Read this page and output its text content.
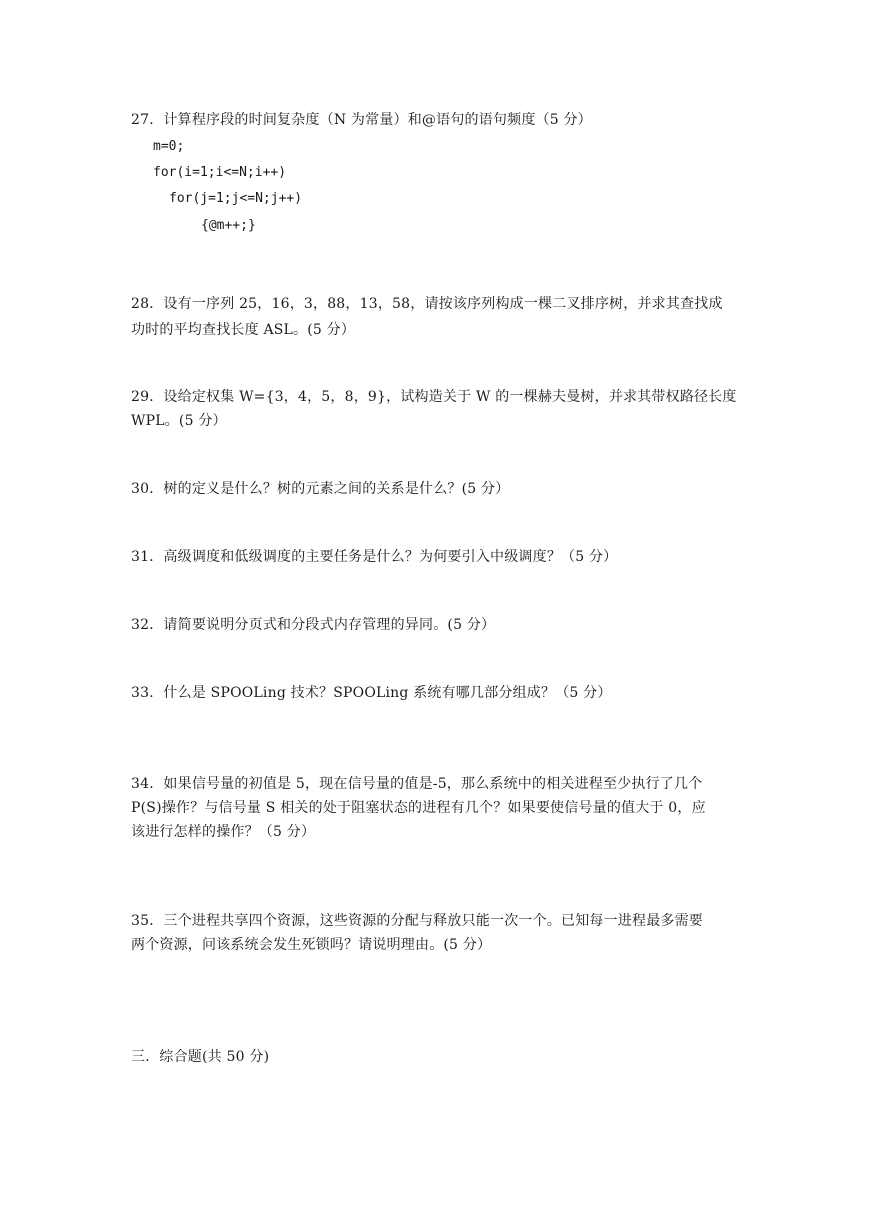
27．计算程序段的时间复杂度（N 为常量）和@语句的语句频度（5 分）
m=0;
for(i=1;i<=N;i++)
for(j=1;j<=N;j++)
{@m++;}
28．设有一序列 25，16，3，88，13，58，请按该序列构成一棵二叉排序树，并求其查找成
功时的平均查找长度 ASL。(5 分）
29．设给定权集 W={3，4，5，8，9}，试构造关于 W 的一棵赫夫曼树，并求其带权路径长度
WPL。(5 分）
30．树的定义是什么？树的元素之间的关系是什么？(5 分）
31．高级调度和低级调度的主要任务是什么？为何要引入中级调度？（5 分）
32．请简要说明分页式和分段式内存管理的异同。(5 分）
33．什么是 SPOOLing 技术？SPOOLing 系统有哪几部分组成？（5 分）
34．如果信号量的初值是 5，现在信号量的值是-5，那么系统中的相关进程至少执行了几个
P(S)操作？与信号量 S 相关的处于阻塞状态的进程有几个？如果要使信号量的值大于 0，应
该进行怎样的操作？（5 分）
35．三个进程共享四个资源，这些资源的分配与释放只能一次一个。已知每一进程最多需要
两个资源，问该系统会发生死锁吗？请说明理由。(5 分）
三．综合题(共 50 分)
